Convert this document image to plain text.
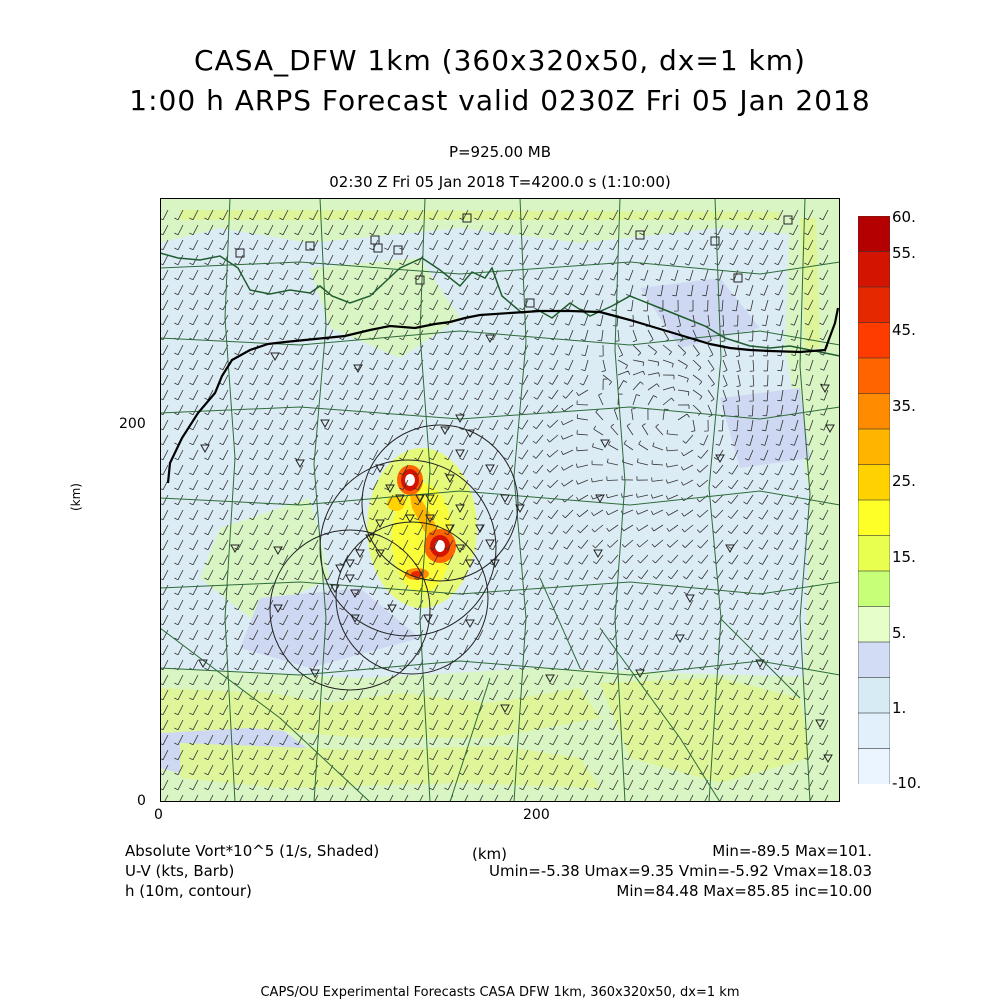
CASA_DFW 1km (360x320x50, dx=1 km)
1:00 h ARPS Forecast valid 0230Z Fri 05 Jan 2018
P=925.00 MB
02:30 Z Fri 05 Jan 2018 T=4200.0 s (1:10:00)
(km)
200
0
0	200
60.
55.
45.
35.
25.
15.
5.
1.
-10.
(km)
Absolute Vort*10^5 (1/s, Shaded)
U-V (kts, Barb)
h (10m, contour)
Min=-89.5 Max=101.
Umin=-5.38 Umax=9.35 Vmin=-5.92 Vmax=18.03
Min=84.48 Max=85.85 inc=10.00
CAPS/OU Experimental Forecasts CASA DFW 1km, 360x320x50, dx=1 km
